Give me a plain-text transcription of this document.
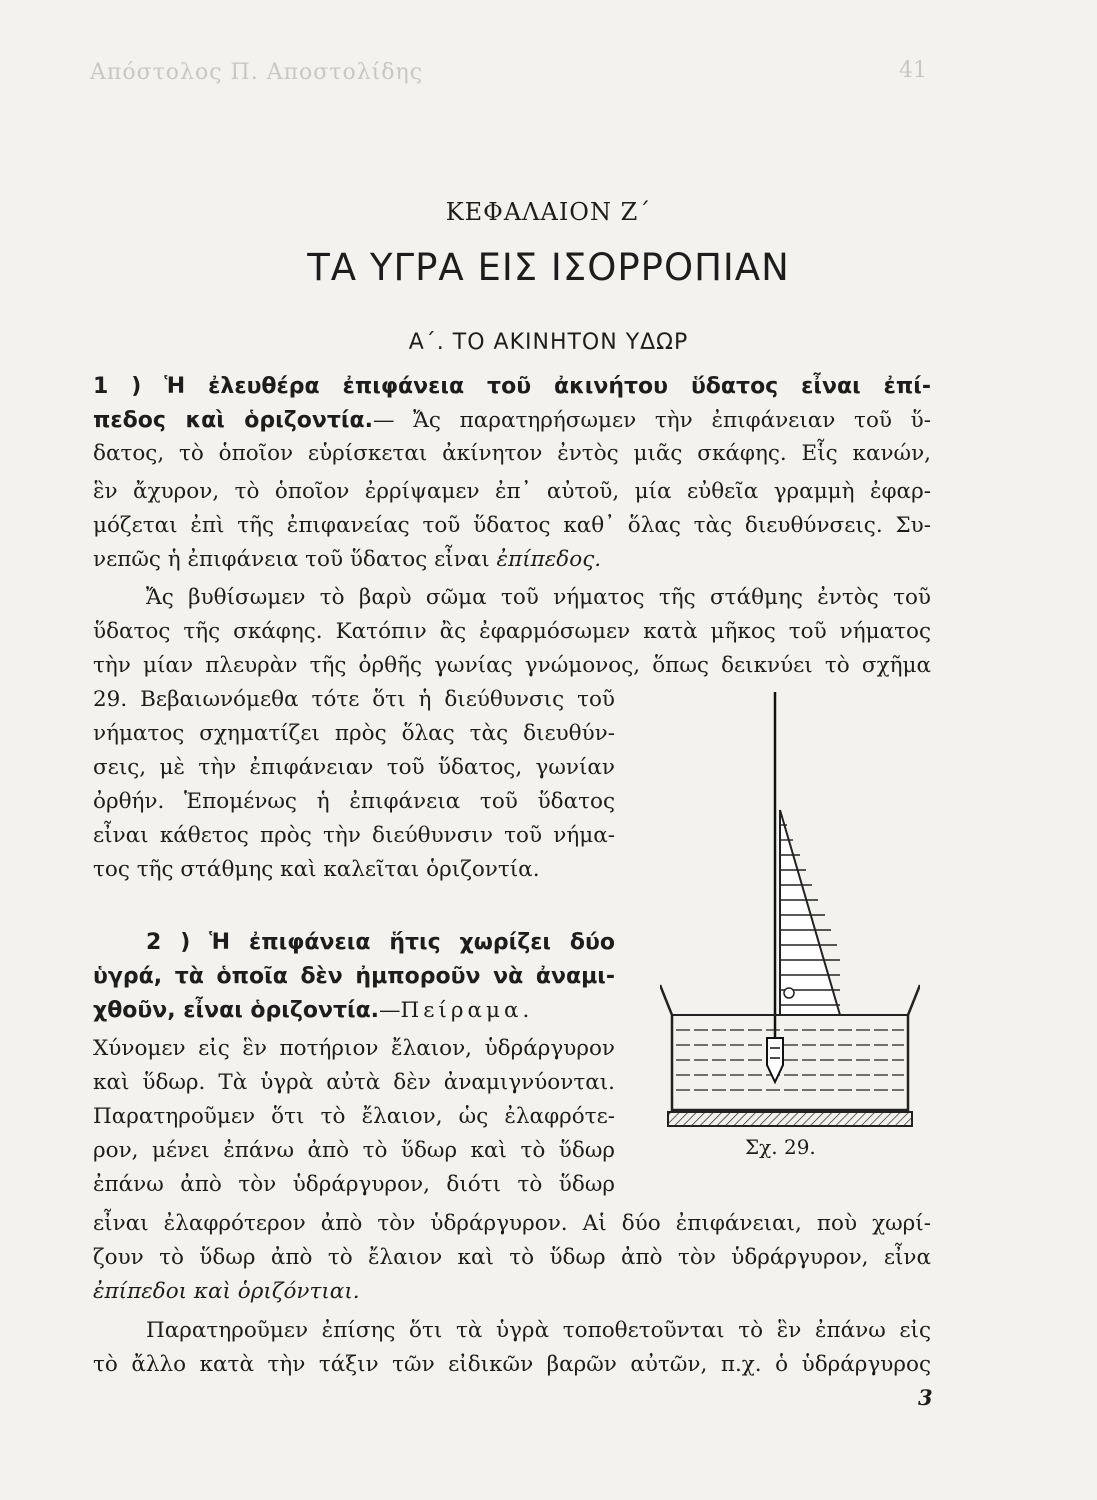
Απόστολος Π. Αποστολίδης	41
ΚΕΦΑΛΑΙΟΝ Ζ΄
ΤΑ ΥΓΡΑ ΕΙΣ ΙΣΟΡΡΟΠΙΑΝ
Α΄. ΤΟ ΑΚΙΝΗΤΟΝ ΥΔΩΡ
1 ) Ἡ ἐλευθέρα ἐπιφάνεια τοῦ ἀκινήτου ὕδατος εἶναι ἐπί-
πεδος καὶ ὁριζοντία.— Ἄς παρατηρήσωμεν τὴν ἐπιφάνειαν τοῦ ὕ-
δατος, τὸ ὁποῖον εὑρίσκεται ἀκίνητον ἐντὸς μιᾶς σκάφης. Εἷς κανών,
ἓν ἄχυρον, τὸ ὁποῖον ἐρρίψαμεν ἐπ᾽ αὐτοῦ, μία εὐθεῖα γραμμὴ ἐφαρ-
μόζεται ἐπὶ τῆς ἐπιφανείας τοῦ ὕδατος καθ᾽ ὅλας τὰς διευθύνσεις. Συ-
νεπῶς ἡ ἐπιφάνεια τοῦ ὕδατος εἶναι ἐπίπεδος.
Ἄς βυθίσωμεν τὸ βαρὺ σῶμα τοῦ νήματος τῆς στάθμης ἐντὸς τοῦ
ὕδατος τῆς σκάφης. Κατόπιν ἂς ἐφαρμόσωμεν κατὰ μῆκος τοῦ νήματος
τὴν μίαν πλευρὰν τῆς ὀρθῆς γωνίας γνώμονος, ὅπως δεικνύει τὸ σχῆμα
29. Βεβαιωνόμεθα τότε ὅτι ἡ διεύθυνσις τοῦ
νήματος σχηματίζει πρὸς ὅλας τὰς διευθύν-
σεις, μὲ τὴν ἐπιφάνειαν τοῦ ὕδατος, γωνίαν
ὀρθήν. Ἑπομένως ἡ ἐπιφάνεια τοῦ ὕδατος
εἶναι κάθετος πρὸς τὴν διεύθυνσιν τοῦ νήμα-
τος τῆς στάθμης καὶ καλεῖται ὁριζοντία.
2 ) Ἡ ἐπιφάνεια ἥτις χωρίζει δύο
ὑγρά, τὰ ὁποῖα δὲν ἠμποροῦν νὰ ἀναμι-
χθοῦν, εἶναι ὁριζοντία.—Πείραμα.
Χύνομεν εἰς ἓν ποτήριον ἔλαιον, ὑδράργυρον
καὶ ὕδωρ. Τὰ ὑγρὰ αὐτὰ δὲν ἀναμιγνύονται.
Παρατηροῦμεν ὅτι τὸ ἔλαιον, ὡς ἐλαφρότε-
ρον, μένει ἐπάνω ἀπὸ τὸ ὕδωρ καὶ τὸ ὕδωρ
ἐπάνω ἀπὸ τὸν ὑδράργυρον, διότι τὸ ὕδωρ
εἶναι ἐλαφρότερον ἀπὸ τὸν ὑδράργυρον. Αἱ δύο ἐπιφάνειαι, ποὺ χωρί-
ζουν τὸ ὕδωρ ἀπὸ τὸ ἔλαιον καὶ τὸ ὕδωρ ἀπὸ τὸν ὑδράργυρον, εἶνα
ἐπίπεδοι καὶ ὁριζόντιαι.
Παρατηροῦμεν ἐπίσης ὅτι τὰ ὑγρὰ τοποθετοῦνται τὸ ἓν ἐπάνω εἰς
τὸ ἄλλο κατὰ τὴν τάξιν τῶν εἰδικῶν βαρῶν αὐτῶν, π.χ. ὁ ὑδράργυρος
Σχ. 29.
3
